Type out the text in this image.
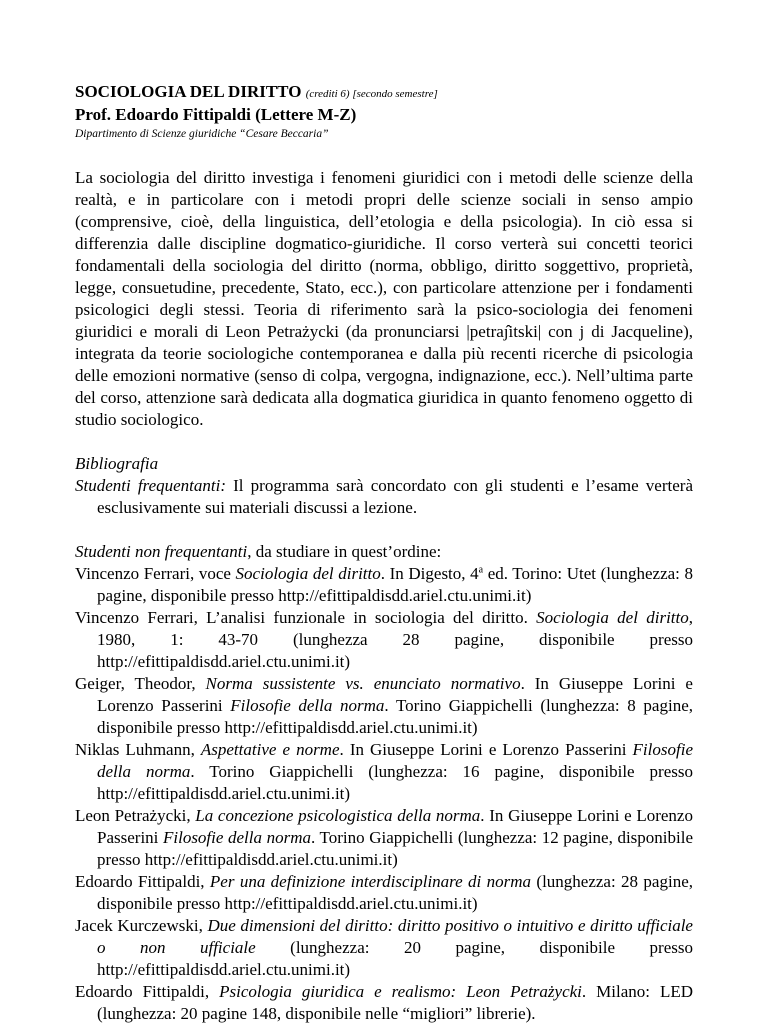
SOCIOLOGIA DEL DIRITTO (crediti 6) [secondo semestre]
Prof. Edoardo Fittipaldi (Lettere M-Z)
Dipartimento di Scienze giuridiche “Cesare Beccaria”
La sociologia del diritto investiga i fenomeni giuridici con i metodi delle scienze della realtà, e in particolare con i metodi propri delle scienze sociali in senso ampio (comprensive, cioè, della linguistica, dell’etologia e della psicologia). In ciò essa si differenzia dalle discipline dogmatico-giuridiche. Il corso verterà sui concetti teorici fondamentali della sociologia del diritto (norma, obbligo, diritto soggettivo, proprietà, legge, consuetudine, precedente, Stato, ecc.), con particolare attenzione per i fondamenti psicologici degli stessi. Teoria di riferimento sarà la psico-sociologia dei fenomeni giuridici e morali di Leon Petrażycki (da pronunciarsi |petraȷ̂itski| con j di Jacqueline), integrata da teorie sociologiche contemporanea e dalla più recenti ricerche di psicologia delle emozioni normative (senso di colpa, vergogna, indignazione, ecc.). Nell’ultima parte del corso, attenzione sarà dedicata alla dogmatica giuridica in quanto fenomeno oggetto di studio sociologico.
Bibliografia
Studenti frequentanti: Il programma sarà concordato con gli studenti e l’esame verterà esclusivamente sui materiali discussi a lezione.
Studenti non frequentanti, da studiare in quest’ordine:
Vincenzo Ferrari, voce Sociologia del diritto. In Digesto, 4$^a$ ed. Torino: Utet (lunghezza: 8 pagine, disponibile presso http://efittipaldisdd.ariel.ctu.unimi.it)
Vincenzo Ferrari, L’analisi funzionale in sociologia del diritto. Sociologia del diritto, 1980, 1: 43-70 (lunghezza 28 pagine, disponibile presso http://efittipaldisdd.ariel.ctu.unimi.it)
Geiger, Theodor, Norma sussistente vs. enunciato normativo. In Giuseppe Lorini e Lorenzo Passerini Filosofie della norma. Torino Giappichelli (lunghezza: 8 pagine, disponibile presso http://efittipaldisdd.ariel.ctu.unimi.it)
Niklas Luhmann, Aspettative e norme. In Giuseppe Lorini e Lorenzo Passerini Filosofie della norma. Torino Giappichelli (lunghezza: 16 pagine, disponibile presso http://efittipaldisdd.ariel.ctu.unimi.it)
Leon Petrażycki, La concezione psicologistica della norma. In Giuseppe Lorini e Lorenzo Passerini Filosofie della norma. Torino Giappichelli (lunghezza: 12 pagine, disponibile presso http://efittipaldisdd.ariel.ctu.unimi.it)
Edoardo Fittipaldi, Per una definizione interdisciplinare di norma (lunghezza: 28 pagine, disponibile presso http://efittipaldisdd.ariel.ctu.unimi.it)
Jacek Kurczewski, Due dimensioni del diritto: diritto positivo o intuitivo e diritto ufficiale o non ufficiale (lunghezza: 20 pagine, disponibile presso http://efittipaldisdd.ariel.ctu.unimi.it)
Edoardo Fittipaldi, Psicologia giuridica e realismo: Leon Petrażycki. Milano: LED (lunghezza: 20 pagine 148, disponibile nelle “migliori” librerie).
